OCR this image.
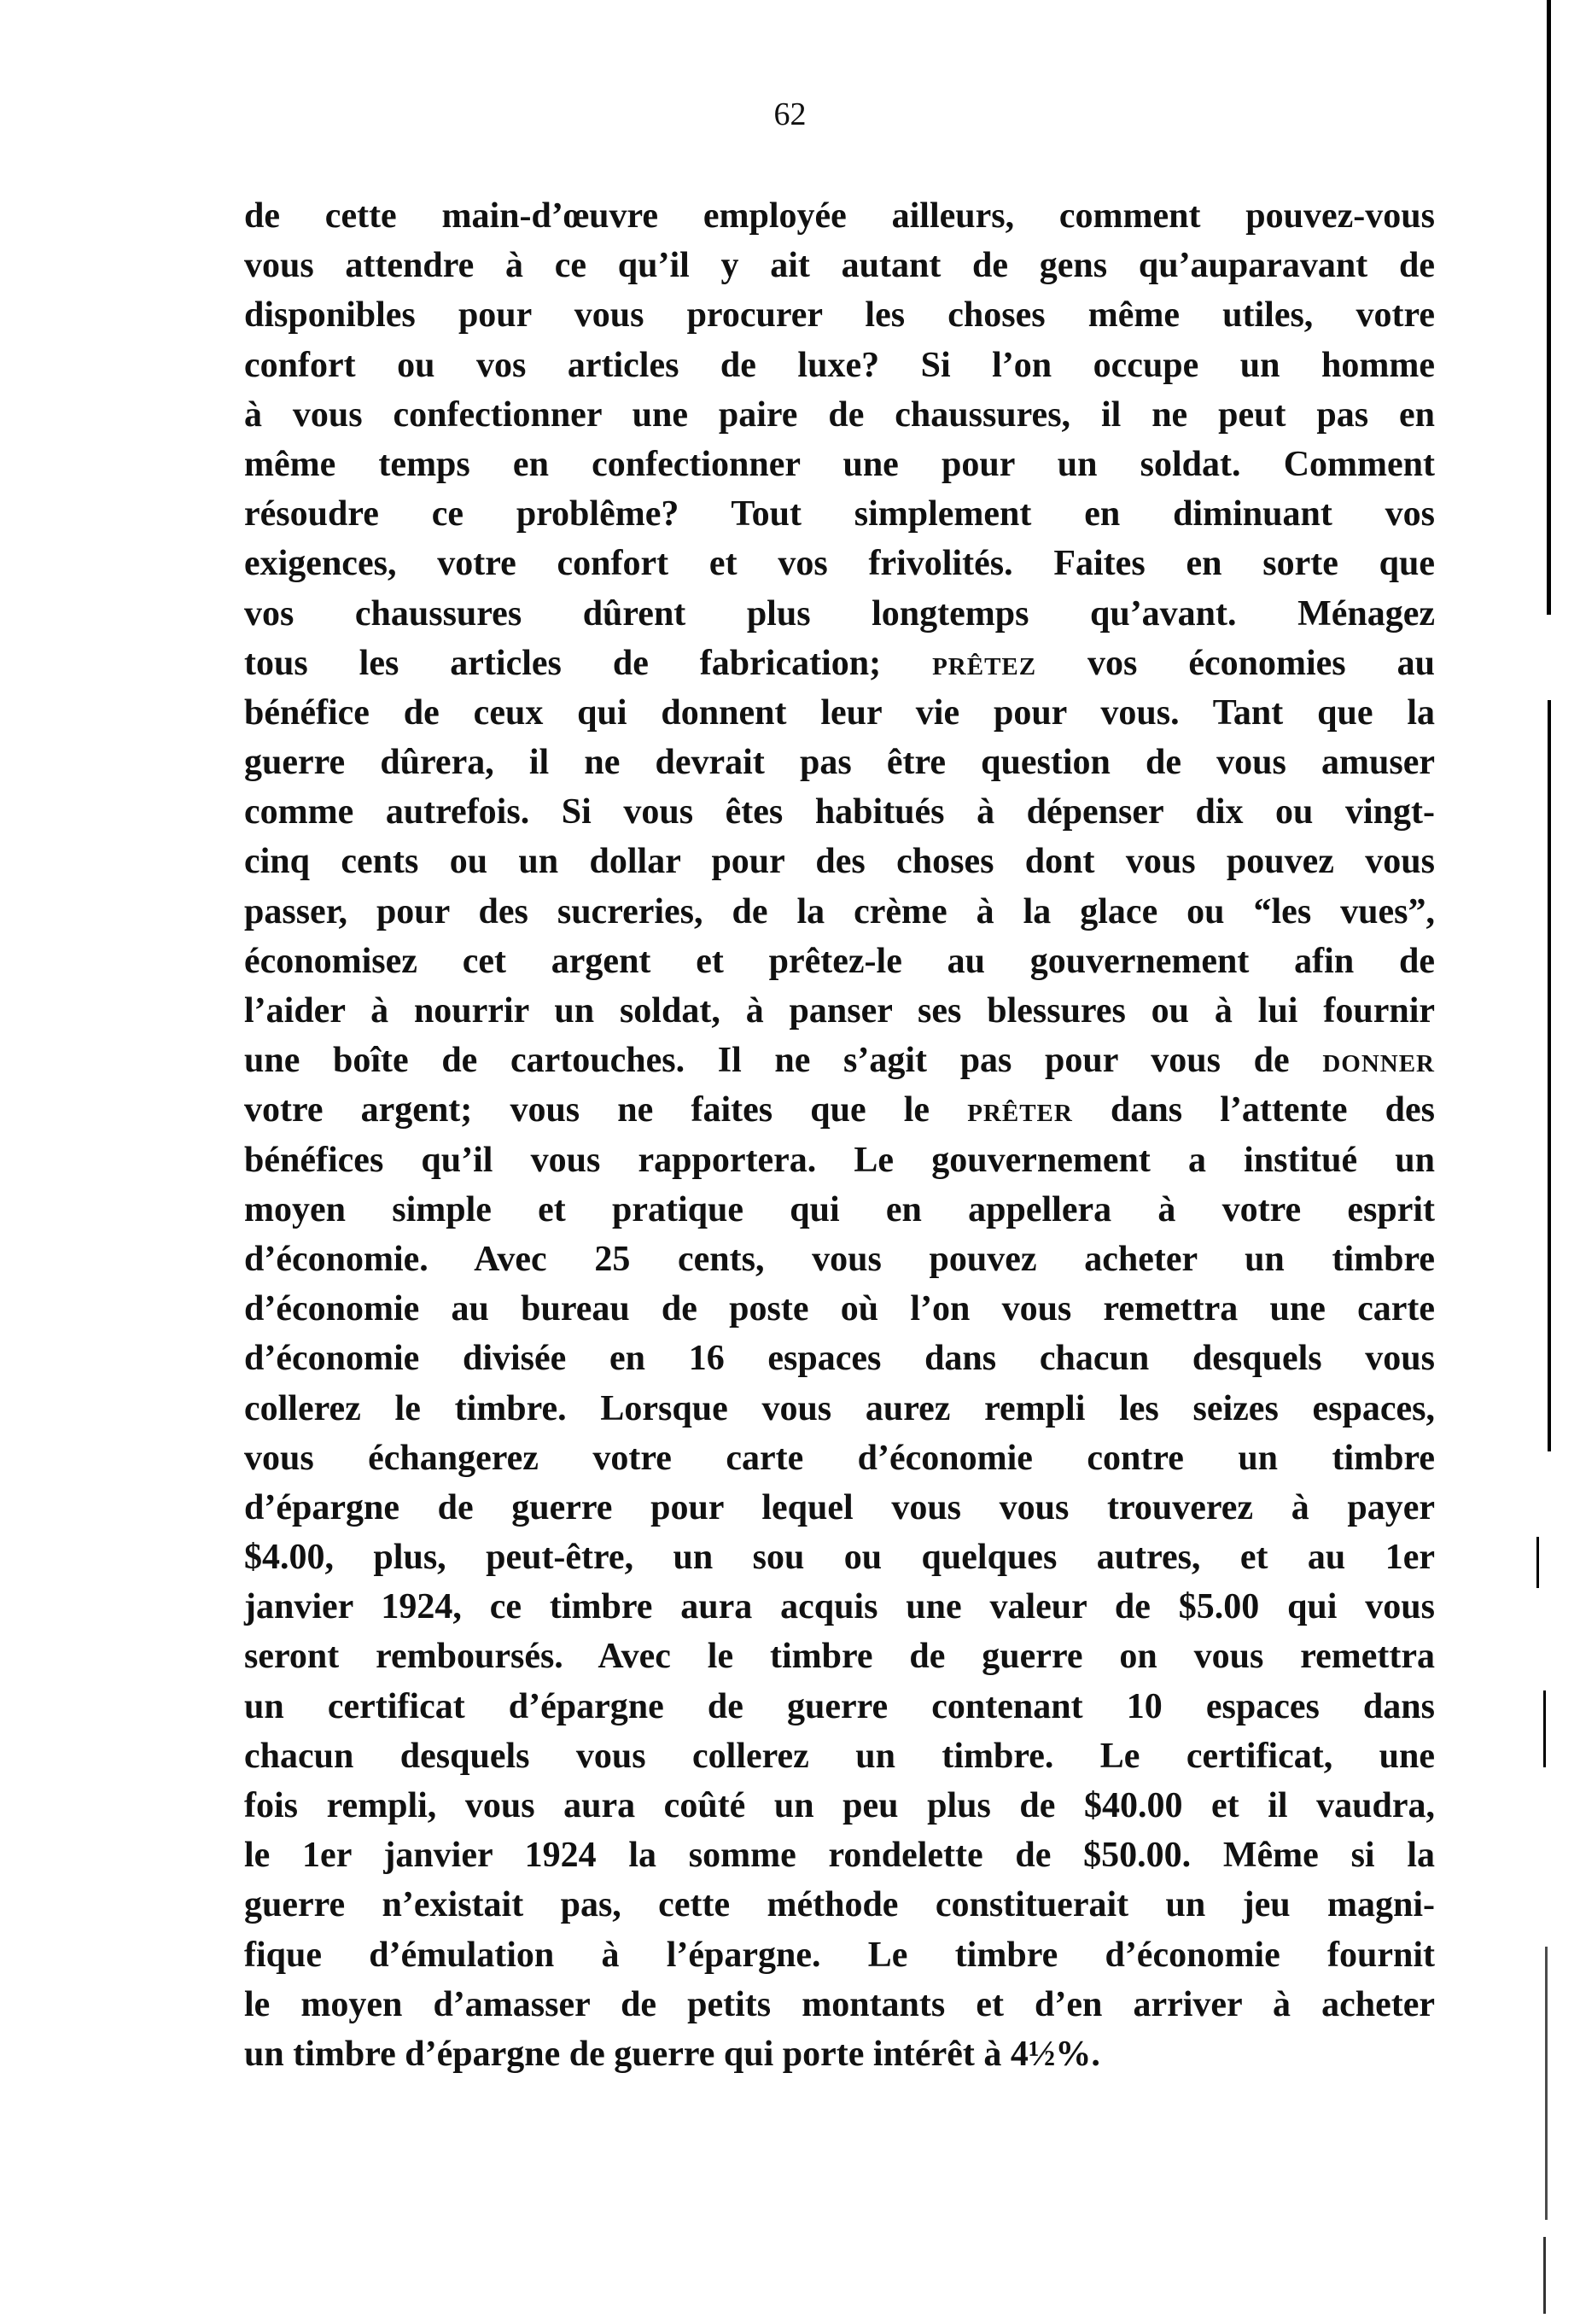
62
de cette main-d’œuvre employée ailleurs, comment pouvez-vous
vous attendre à ce qu’il y ait autant de gens qu’auparavant de
disponibles pour vous procurer les choses même utiles, votre
confort ou vos articles de luxe? Si l’on occupe un homme
à vous confectionner une paire de chaussures, il ne peut pas en
même temps en confectionner une pour un soldat. Comment
résoudre ce problême? Tout simplement en diminuant vos
exigences, votre confort et vos frivolités. Faites en sorte que
vos chaussures dûrent plus longtemps qu’avant. Ménagez
tous les articles de fabrication; prêtez vos économies au
bénéfice de ceux qui donnent leur vie pour vous. Tant que la
guerre dûrera, il ne devrait pas être question de vous amuser
comme autrefois. Si vous êtes habitués à dépenser dix ou vingt-
cinq cents ou un dollar pour des choses dont vous pouvez vous
passer, pour des sucreries, de la crème à la glace ou “les vues”,
économisez cet argent et prêtez-le au gouvernement afin de
l’aider à nourrir un soldat, à panser ses blessures ou à lui fournir
une boîte de cartouches. Il ne s’agit pas pour vous de donner
votre argent; vous ne faites que le prêter dans l’attente des
bénéfices qu’il vous rapportera. Le gouvernement a institué un
moyen simple et pratique qui en appellera à votre esprit
d’économie. Avec 25 cents, vous pouvez acheter un timbre
d’économie au bureau de poste où l’on vous remettra une carte
d’économie divisée en 16 espaces dans chacun desquels vous
collerez le timbre. Lorsque vous aurez rempli les seizes espaces,
vous échangerez votre carte d’économie contre un timbre
d’épargne de guerre pour lequel vous vous trouverez à payer
$4.00, plus, peut-être, un sou ou quelques autres, et au 1er
janvier 1924, ce timbre aura acquis une valeur de $5.00 qui vous
seront remboursés. Avec le timbre de guerre on vous remettra
un certificat d’épargne de guerre contenant 10 espaces dans
chacun desquels vous collerez un timbre. Le certificat, une
fois rempli, vous aura coûté un peu plus de $40.00 et il vaudra,
le 1er janvier 1924 la somme rondelette de $50.00. Même si la
guerre n’existait pas, cette méthode constituerait un jeu magni-
fique d’émulation à l’épargne. Le timbre d’économie fournit
le moyen d’amasser de petits montants et d’en arriver à acheter
un timbre d’épargne de guerre qui porte intérêt à 4½%.
